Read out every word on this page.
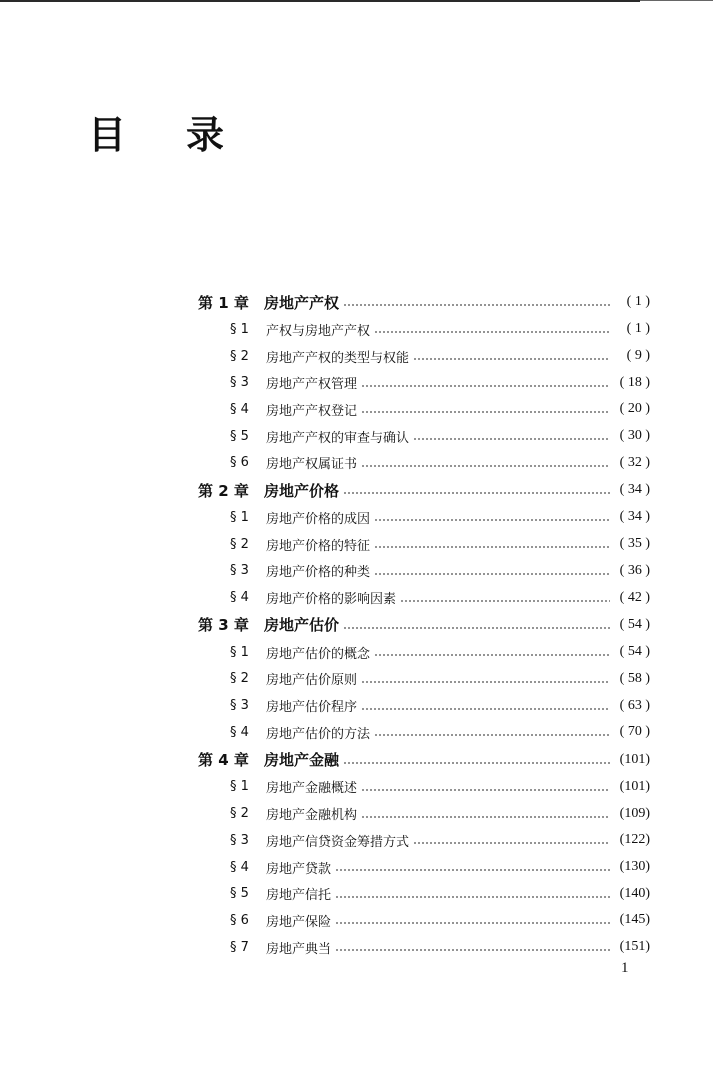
目录
第 1 章	房地产产权	( 1 )
§ 1	产权与房地产产权	( 1 )
§ 2	房地产产权的类型与权能	( 9 )
§ 3	房地产产权管理	( 18 )
§ 4	房地产产权登记	( 20 )
§ 5	房地产产权的审查与确认	( 30 )
§ 6	房地产权属证书	( 32 )
第 2 章	房地产价格	( 34 )
§ 1	房地产价格的成因	( 34 )
§ 2	房地产价格的特征	( 35 )
§ 3	房地产价格的种类	( 36 )
§ 4	房地产价格的影响因素	( 42 )
第 3 章	房地产估价	( 54 )
§ 1	房地产估价的概念	( 54 )
§ 2	房地产估价原则	( 58 )
§ 3	房地产估价程序	( 63 )
§ 4	房地产估价的方法	( 70 )
第 4 章	房地产金融	(101)
§ 1	房地产金融概述	(101)
§ 2	房地产金融机构	(109)
§ 3	房地产信贷资金筹措方式	(122)
§ 4	房地产贷款	(130)
§ 5	房地产信托	(140)
§ 6	房地产保险	(145)
§ 7	房地产典当	(151)
1
